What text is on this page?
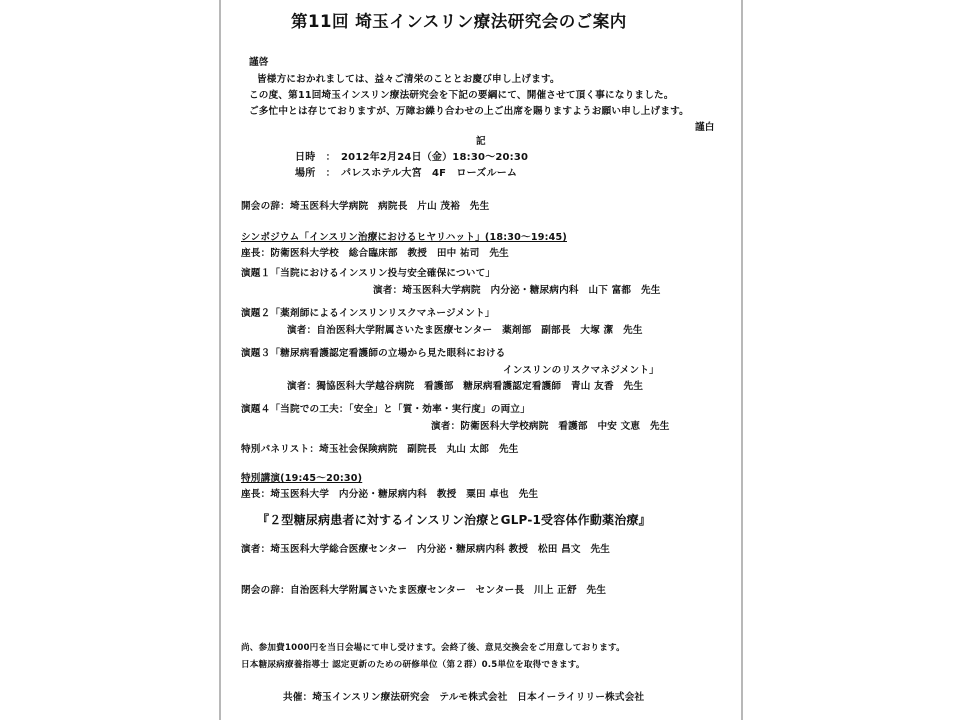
第11回 埼玉インスリン療法研究会のご案内
謹啓
皆様方におかれましては、益々ご清栄のこととお慶び申し上げます。
この度、第11回埼玉インスリン療法研究会を下記の要綱にて、開催させて頂く事になりました。
ご多忙中とは存じておりますが、万障お繰り合わせの上ご出席を賜りますようお願い申し上げます。
謹白
記
日時　：　2012年2月24日（金）18:30〜20:30
場所　：　パレスホテル大宮　4F　ローズルーム
開会の辞：埼玉医科大学病院　病院長　片山 茂裕　先生
シンポジウム「インスリン治療におけるヒヤリハット」(18:30〜19:45)
座長：防衛医科大学校　総合臨床部　教授　田中 祐司　先生
演題１「当院におけるインスリン投与安全確保について」
演者：埼玉医科大学病院　内分泌・糖尿病内科　山下 富都　先生
演題２「薬剤師によるインスリンリスクマネージメント」
演者：自治医科大学附属さいたま医療センター　薬剤部　副部長　大塚 潔　先生
演題３「糖尿病看護認定看護師の立場から見た眼科における
インスリンのリスクマネジメント」
演者：獨協医科大学越谷病院　看護部　糖尿病看護認定看護師　青山 友香　先生
演題４「当院での工夫：「安全」と「質・効率・実行度」の両立」
演者：防衛医科大学校病院　看護部　中安 文恵　先生
特別パネリスト：埼玉社会保険病院　副院長　丸山 太郎　先生
特別講演(19:45〜20:30)
座長：埼玉医科大学　内分泌・糖尿病内科　教授　粟田 卓也　先生
『２型糖尿病患者に対するインスリン治療とGLP-1受容体作動薬治療』
演者：埼玉医科大学総合医療センター　内分泌・糖尿病内科 教授　松田 昌文　先生
閉会の辞：自治医科大学附属さいたま医療センター　センター長　川上 正舒　先生
尚、参加費1000円を当日会場にて申し受けます。会終了後、意見交換会をご用意しております。
日本糖尿病療養指導士 認定更新のための研修単位（第２群）0.5単位を取得できます。
共催：埼玉インスリン療法研究会　テルモ株式会社　日本イーライリリー株式会社
